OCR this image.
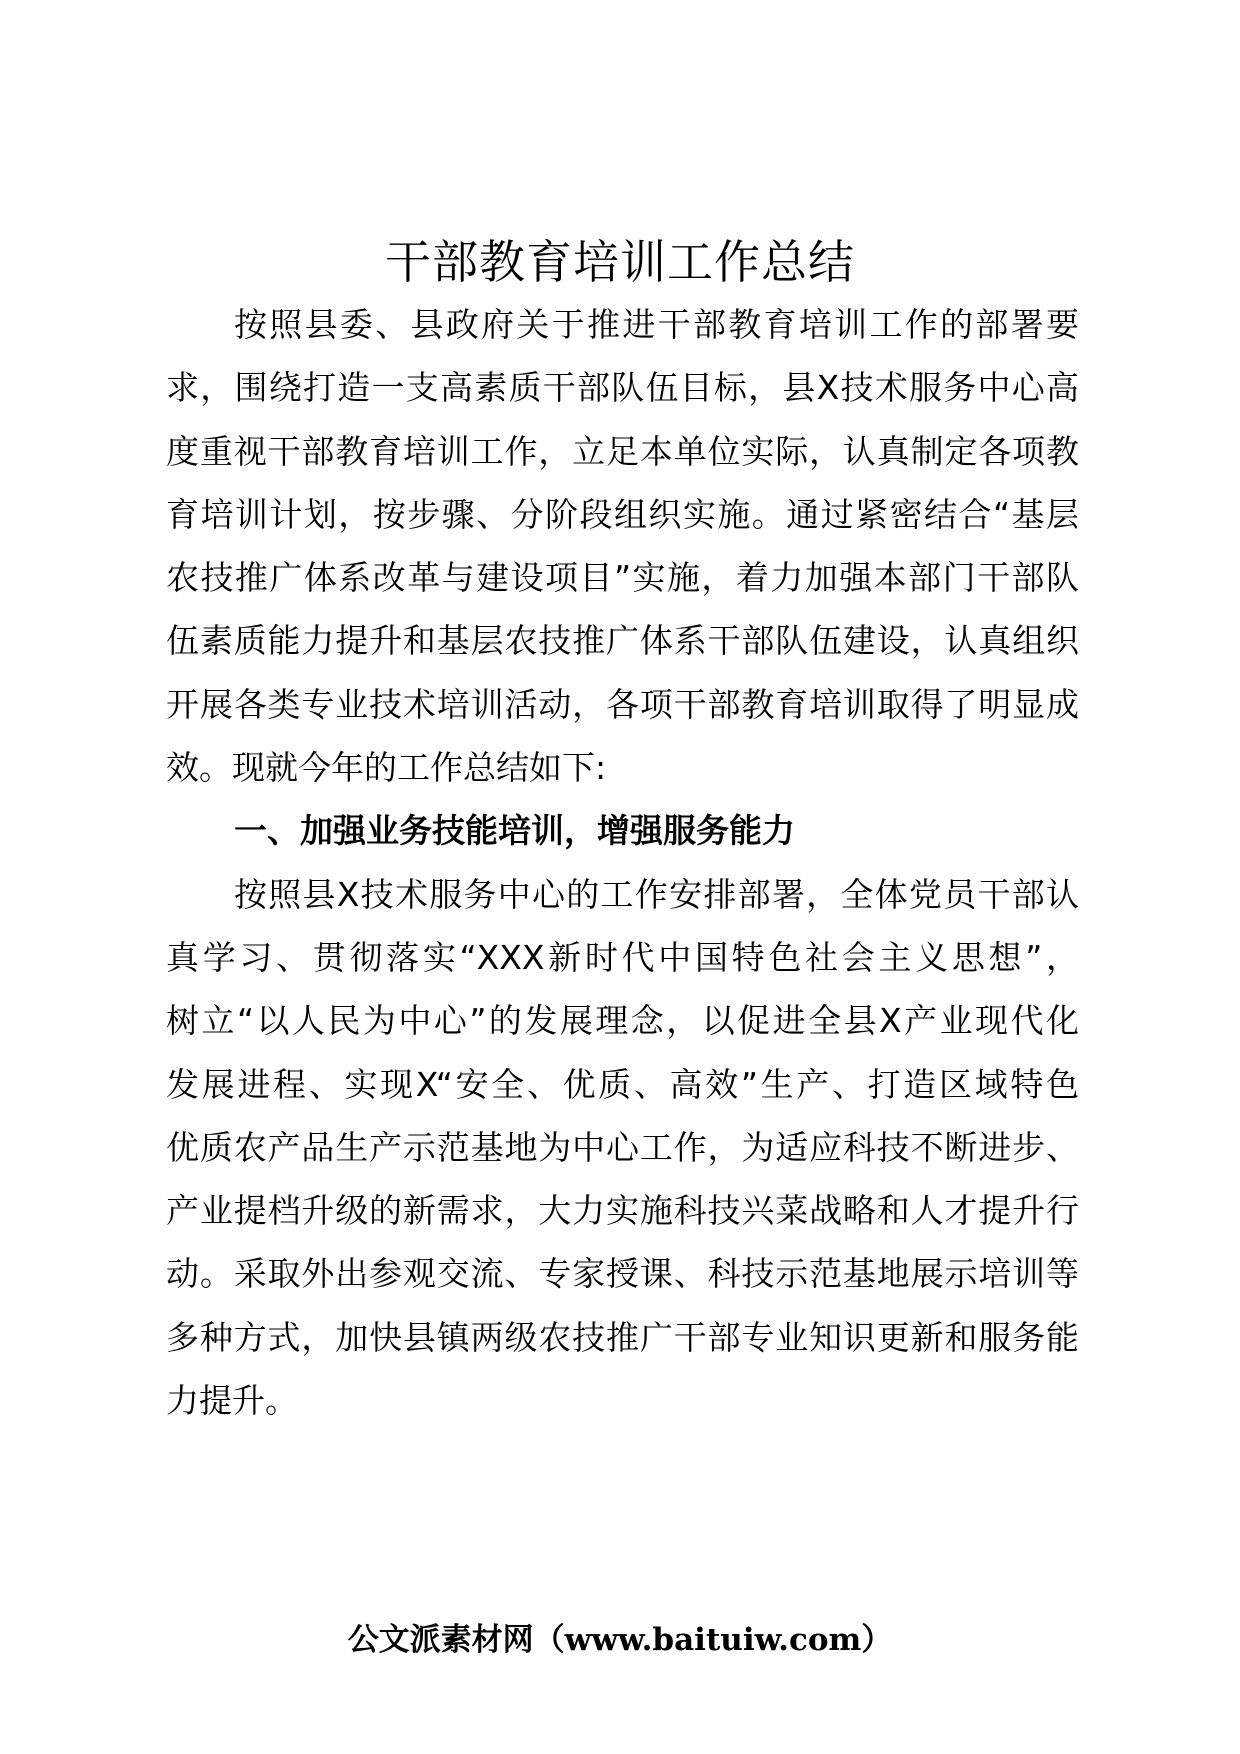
干部教育培训工作总结
按照县委、县政府关于推进干部教育培训工作的部署要
求，围绕打造一支高素质干部队伍目标，县X技术服务中心高
度重视干部教育培训工作，立足本单位实际，认真制定各项教
育培训计划，按步骤、分阶段组织实施。通过紧密结合“基层
农技推广体系改革与建设项目”实施，着力加强本部门干部队
伍素质能力提升和基层农技推广体系干部队伍建设，认真组织
开展各类专业技术培训活动，各项干部教育培训取得了明显成
效。现就今年的工作总结如下:
一、加强业务技能培训，增强服务能力
按照县X技术服务中心的工作安排部署，全体党员干部认
真学习、贯彻落实“XXX新时代中国特色社会主义思想”，
树立“以人民为中心”的发展理念，以促进全县X产业现代化
发展进程、实现X“安全、优质、高效”生产、打造区域特色
优质农产品生产示范基地为中心工作，为适应科技不断进步、
产业提档升级的新需求，大力实施科技兴菜战略和人才提升行
动。采取外出参观交流、专家授课、科技示范基地展示培训等
多种方式，加快县镇两级农技推广干部专业知识更新和服务能
力提升。
公文派素材网（www.baituiw.com）
